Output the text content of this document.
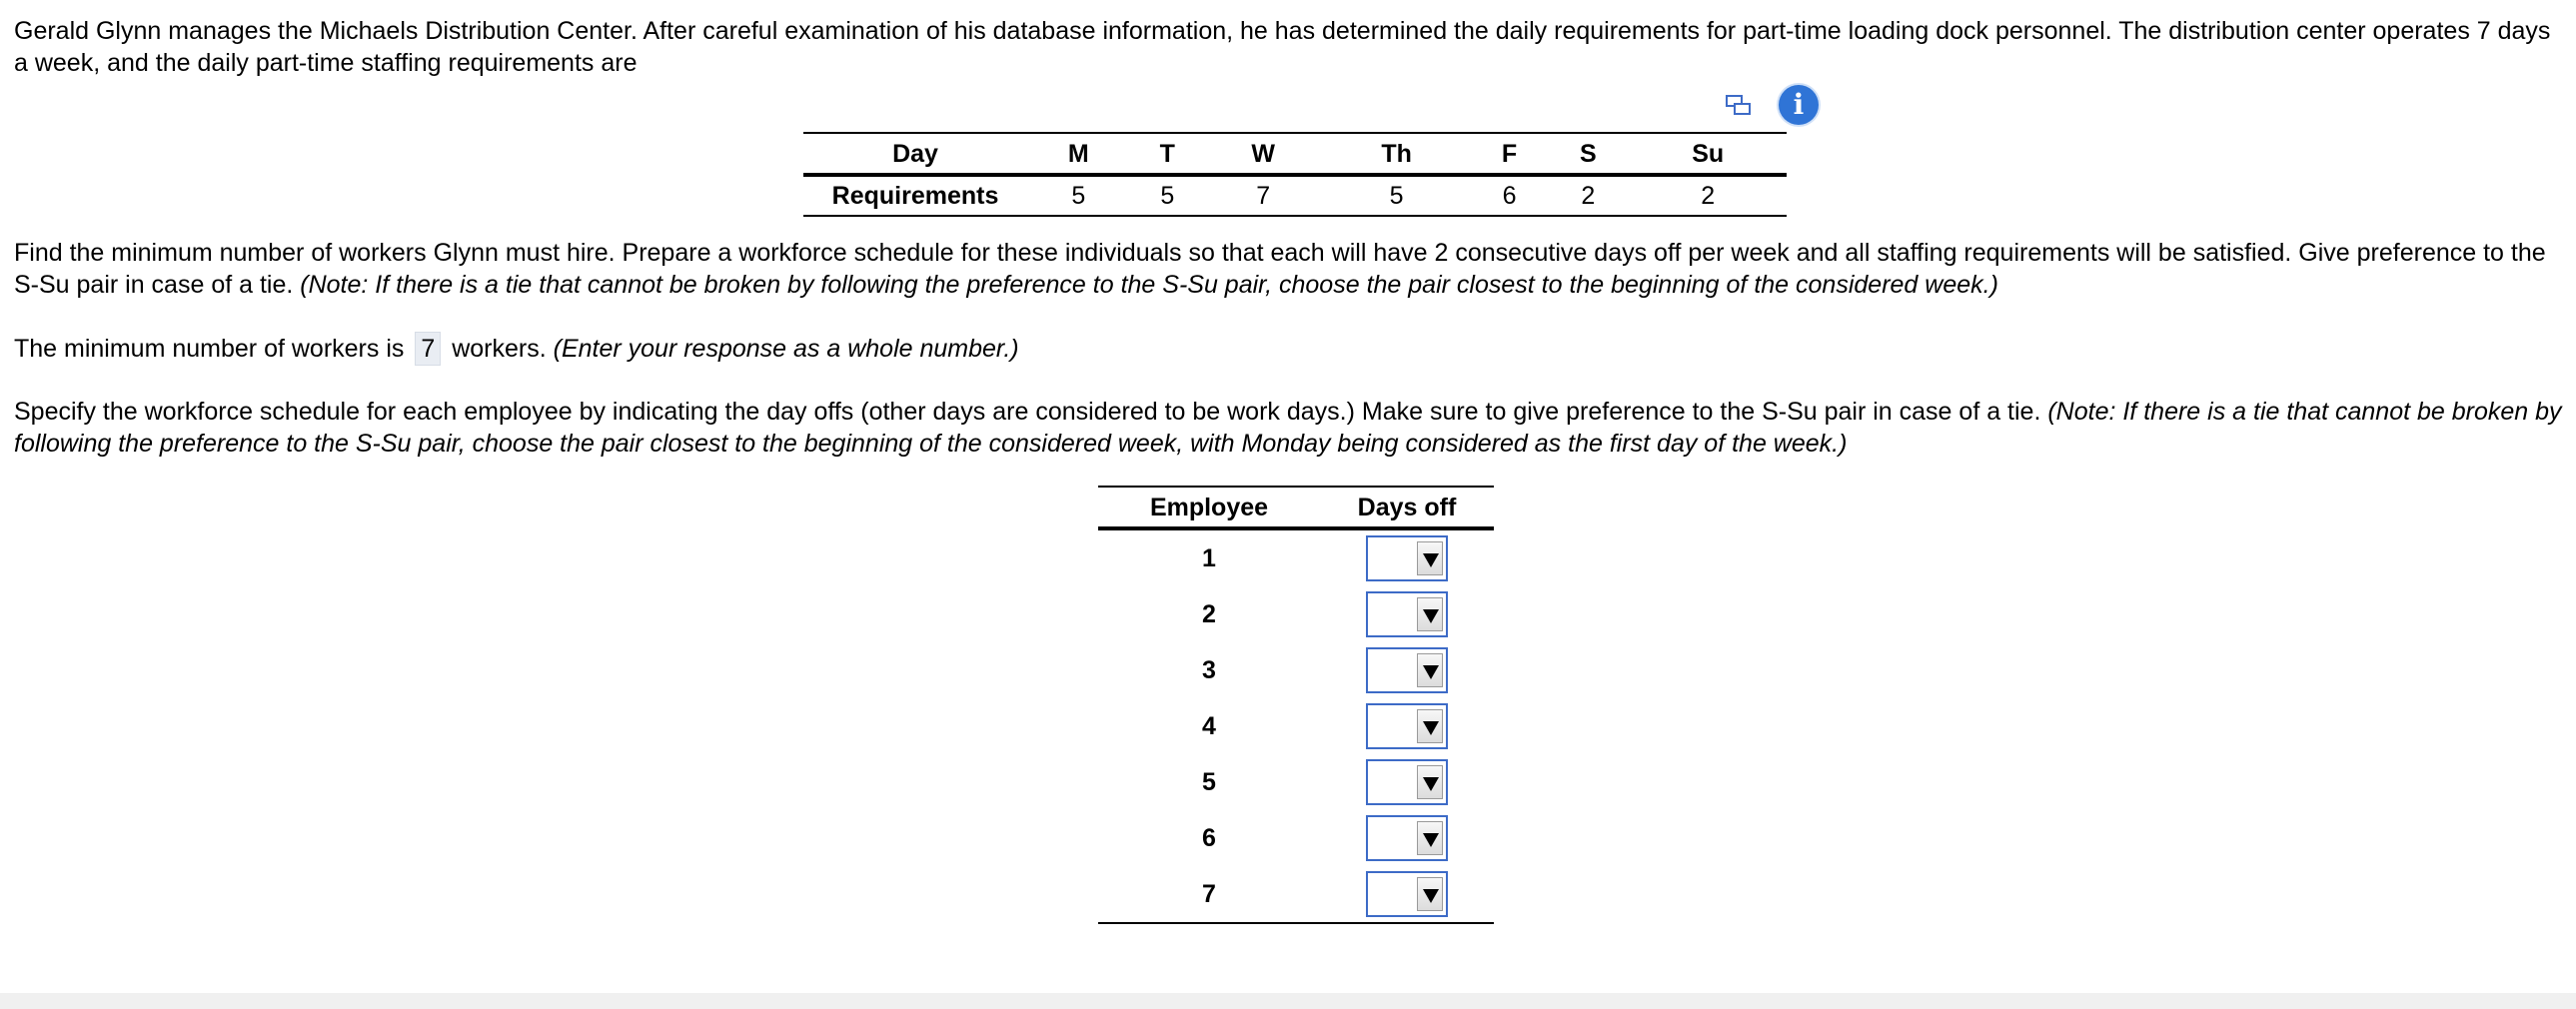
Gerald Glynn manages the Michaels Distribution Center. After careful examination of his database information, he has determined the daily requirements for part-time loading dock personnel. The distribution center operates 7 days a week, and the daily part-time staffing requirements are

i
Day	M	T	W	Th	F	S	Su
Requirements	5	5	7	5	6	2	2

Find the minimum number of workers Glynn must hire. Prepare a workforce schedule for these individuals so that each will have 2 consecutive days off per week and all staffing requirements will be satisfied. Give preference to the S-Su pair in case of a tie. (Note: If there is a tie that cannot be broken by following the preference to the S-Su pair, choose the pair closest to the beginning of the considered week.)

The minimum number of workers is 7 workers. (Enter your response as a whole number.)

Specify the workforce schedule for each employee by indicating the day offs (other days are considered to be work days.) Make sure to give preference to the S-Su pair in case of a tie. (Note: If there is a tie that cannot be broken by following the preference to the S-Su pair, choose the pair closest to the beginning of the considered week, with Monday being considered as the first day of the week.)

Employee	Days off
1	

2	

3	

4	

5	

6	

7	
